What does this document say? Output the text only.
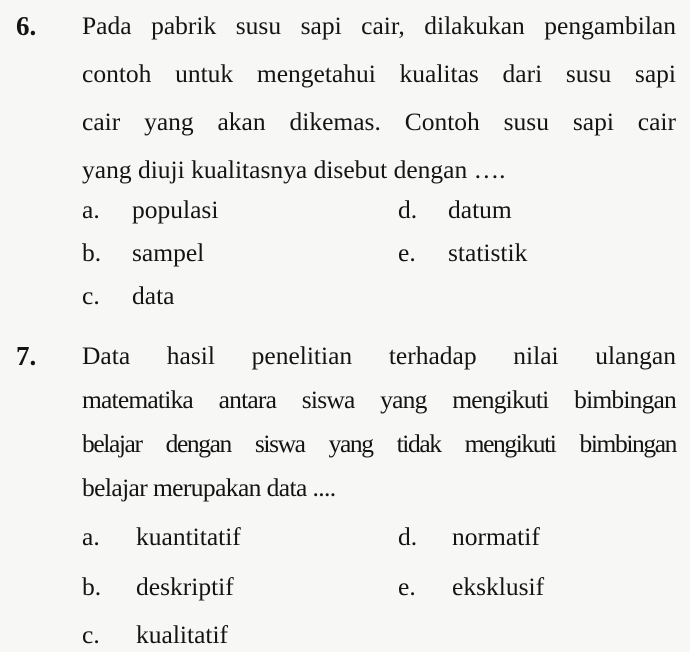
6. Pada pabrik susu sapi cair, dilakukan pengambilan
contoh untuk mengetahui kualitas dari susu sapi
cair yang akan dikemas. Contoh susu sapi cair
yang diuji kualitasnya disebut dengan ….
a. populasi	d. datum
b. sampel	e. statistik
c. data
7. Data hasil penelitian terhadap nilai ulangan
matematika antara siswa yang mengikuti bimbingan
belajar dengan siswa yang tidak mengikuti bimbingan
belajar merupakan data ....
a. kuantitatif	d. normatif
b. deskriptif	e. eksklusif
c. kualitatif
